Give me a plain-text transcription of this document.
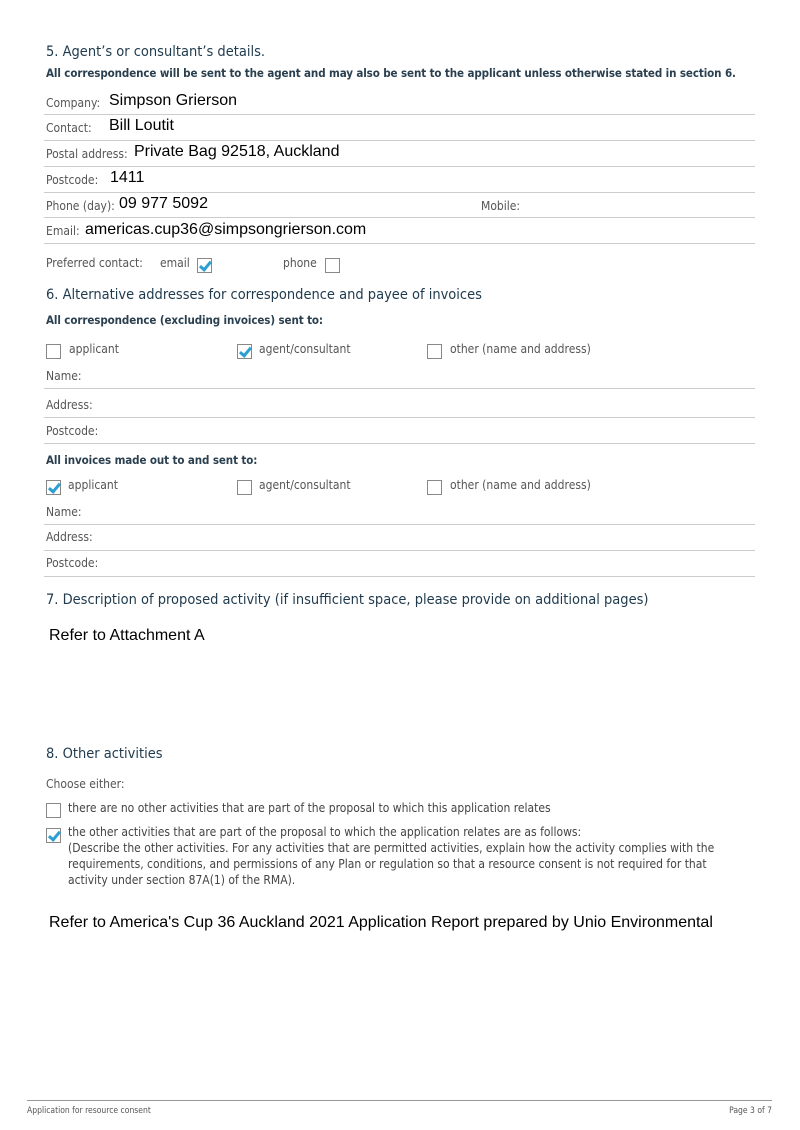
5. Agent’s or consultant’s details.
All correspondence will be sent to the agent and may also be sent to the applicant unless otherwise stated in section 6.
Company: Simpson Grierson
Contact: Bill Loutit
Postal address: Private Bag 92518, Auckland
Postcode: 1411
Phone (day): 09 977 5092	Mobile:
Email: americas.cup36@simpsongrierson.com
Preferred contact: email	phone
6. Alternative addresses for correspondence and payee of invoices
All correspondence (excluding invoices) sent to:
applicant	agent/consultant	other (name and address)
Name:
Address:
Postcode:
All invoices made out to and sent to:
applicant	agent/consultant	other (name and address)
Name:
Address:
Postcode:
7. Description of proposed activity (if insufficient space, please provide on additional pages)
Refer to Attachment A
8. Other activities
Choose either:
there are no other activities that are part of the proposal to which this application relates
the other activities that are part of the proposal to which the application relates are as follows:
(Describe the other activities. For any activities that are permitted activities, explain how the activity complies with the
requirements, conditions, and permissions of any Plan or regulation so that a resource consent is not required for that
activity under section 87A(1) of the RMA).
Refer to America's Cup 36 Auckland 2021 Application Report prepared by Unio Environmental
Application for resource consent	Page 3 of 7
